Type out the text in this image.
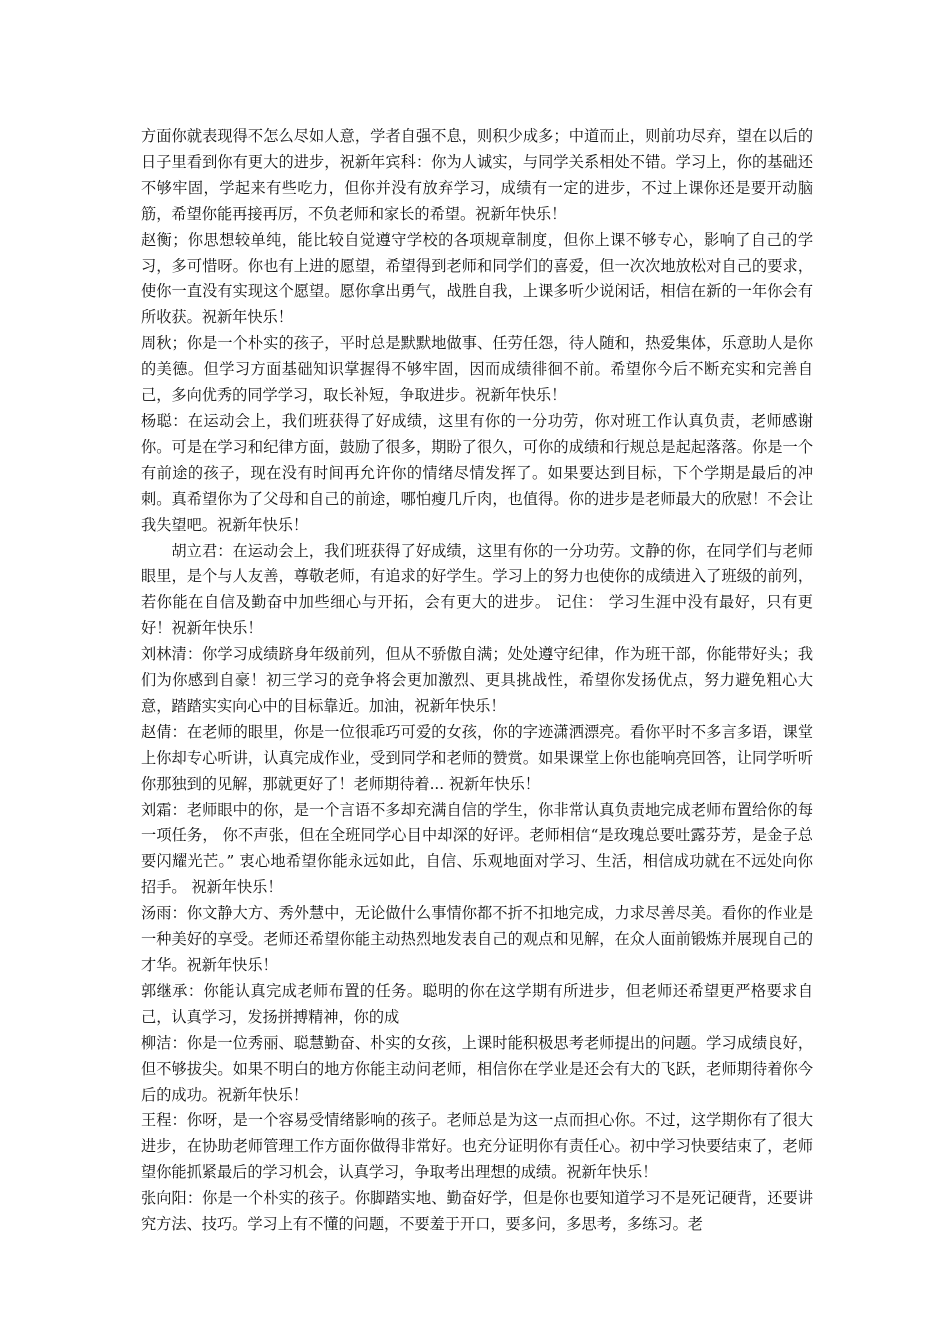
方面你就表现得不怎么尽如人意，学者自强不息，则积少成多；中道而止，则前功尽弃，望在以后的日子里看到你有更大的进步，祝新年宾科：你为人诚实，与同学关系相处不错。学习上，你的基础还不够牢固，学起来有些吃力，但你并没有放弃学习，成绩有一定的进步，不过上课你还是要开动脑筋，希望你能再接再厉，不负老师和家长的希望。祝新年快乐！

赵衡；你思想较单纯，能比较自觉遵守学校的各项规章制度，但你上课不够专心，影响了自己的学习，多可惜呀。你也有上进的愿望，希望得到老师和同学们的喜爱，但一次次地放松对自己的要求，使你一直没有实现这个愿望。愿你拿出勇气，战胜自我，上课多听少说闲话，相信在新的一年你会有所收获。祝新年快乐！

周秋；你是一个朴实的孩子，平时总是默默地做事、任劳任怨，待人随和，热爱集体，乐意助人是你的美德。但学习方面基础知识掌握得不够牢固，因而成绩徘徊不前。希望你今后不断充实和完善自己，多向优秀的同学学习，取长补短，争取进步。祝新年快乐！

杨聪：在运动会上，我们班获得了好成绩，这里有你的一分功劳，你对班工作认真负责，老师感谢你。可是在学习和纪律方面，鼓励了很多，期盼了很久，可你的成绩和行规总是起起落落。你是一个有前途的孩子，现在没有时间再允许你的情绪尽情发挥了。如果要达到目标，下个学期是最后的冲刺。真希望你为了父母和自己的前途，哪怕瘦几斤肉，也值得。你的进步是老师最大的欣慰！不会让我失望吧。祝新年快乐！

胡立君：在运动会上，我们班获得了好成绩，这里有你的一分功劳。文静的你，在同学们与老师眼里，是个与人友善，尊敬老师，有追求的好学生。学习上的努力也使你的成绩进入了班级的前列，若你能在自信及勤奋中加些细心与开拓，会有更大的进步。 记住： 学习生涯中没有最好，只有更好！祝新年快乐！

刘林清：你学习成绩跻身年级前列，但从不骄傲自满；处处遵守纪律，作为班干部，你能带好头；我们为你感到自豪！初三学习的竞争将会更加激烈、更具挑战性，希望你发扬优点，努力避免粗心大意，踏踏实实向心中的目标靠近。加油，祝新年快乐！

赵倩：在老师的眼里，你是一位很乖巧可爱的女孩，你的字迹潇洒漂亮。看你平时不多言多语，课堂上你却专心听讲，认真完成作业，受到同学和老师的赞赏。如果课堂上你也能响亮回答，让同学听听你那独到的见解，那就更好了！老师期待着... 祝新年快乐！

刘霜：老师眼中的你，是一个言语不多却充满自信的学生，你非常认真负责地完成老师布置给你的每一项任务， 你不声张，但在全班同学心目中却深的好评。老师相信“是玫瑰总要吐露芬芳，是金子总要闪耀光芒。” 衷心地希望你能永远如此，自信、乐观地面对学习、生活，相信成功就在不远处向你招手。 祝新年快乐！

汤雨：你文静大方、秀外慧中，无论做什么事情你都不折不扣地完成，力求尽善尽美。看你的作业是一种美好的享受。老师还希望你能主动热烈地发表自己的观点和见解，在众人面前锻炼并展现自己的才华。祝新年快乐！

郭继承：你能认真完成老师布置的任务。聪明的你在这学期有所进步，但老师还希望更严格要求自己，认真学习，发扬拼搏精神，你的成

柳洁：你是一位秀丽、聪慧勤奋、朴实的女孩，上课时能积极思考老师提出的问题。学习成绩良好，但不够拔尖。如果不明白的地方你能主动问老师，相信你在学业是还会有大的飞跃，老师期待着你今后的成功。祝新年快乐！

王程：你呀，是一个容易受情绪影响的孩子。老师总是为这一点而担心你。不过，这学期你有了很大进步，在协助老师管理工作方面你做得非常好。也充分证明你有责任心。初中学习快要结束了，老师望你能抓紧最后的学习机会，认真学习，争取考出理想的成绩。祝新年快乐！

张向阳：你是一个朴实的孩子。你脚踏实地、勤奋好学，但是你也要知道学习不是死记硬背，还要讲究方法、技巧。学习上有不懂的问题，不要羞于开口，要多问，多思考，多练习。老
